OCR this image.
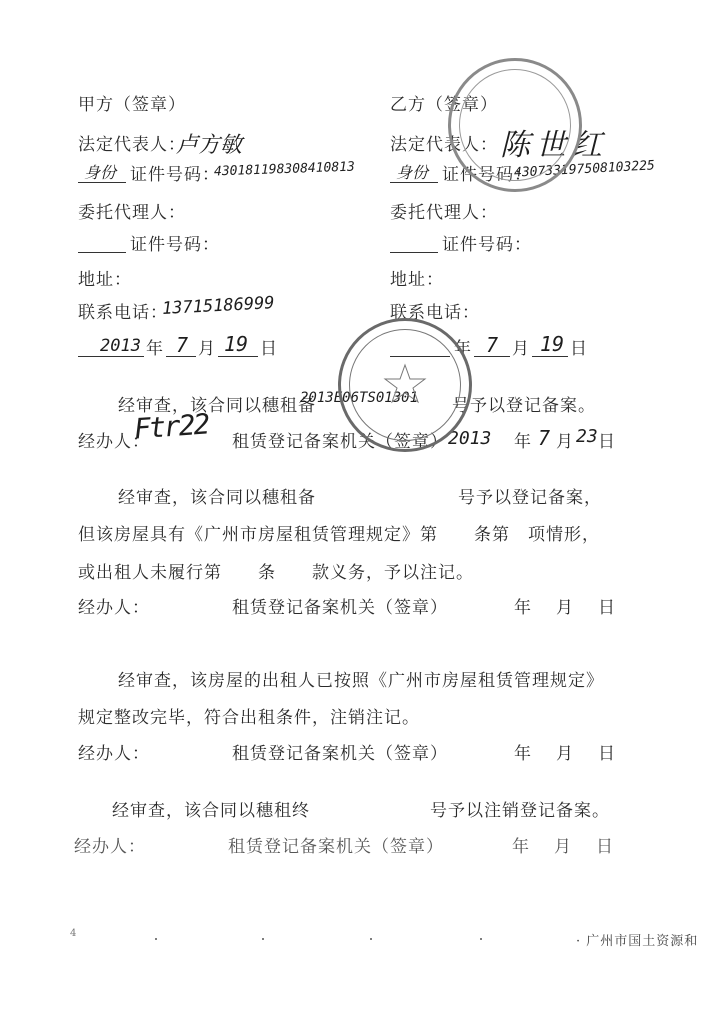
甲方（签章）
法定代表人：
卢方敏
身份 证件号码：
430181198308410813
委托代理人：
证件号码：
地址：
联系电话：
13715186999
2013 年 7 月 19 日
乙方（签章）
法定代表人： 陈世红
身份 证件号码：
430733197508103225
委托代理人：
证件号码：
地址：
联系电话：
年 7 月 19 日
经审查，该合同以穗租备
2013E06TS01301 号予以登记备案。
经办人：
Ftr22 租赁登记备案机关（签章） 2013 年 7 月 23 日
经审查，该合同以穗租备	号予以登记备案，
但该房屋具有《广州市房屋租赁管理规定》第　　条第　项情形，
或出租人未履行第　　条　　款义务，予以注记。
经办人：	租赁登记备案机关（签章）	年　月　日
经审查，该房屋的出租人已按照《广州市房屋租赁管理规定》
规定整改完毕，符合出租条件，注销注记。
经办人：	租赁登记备案机关（签章）	年　月　日
经审查，该合同以穗租终	号予以注销登记备案。
经办人：	租赁登记备案机关（签章）	年　月　日
4
· 广州市国土资源和
